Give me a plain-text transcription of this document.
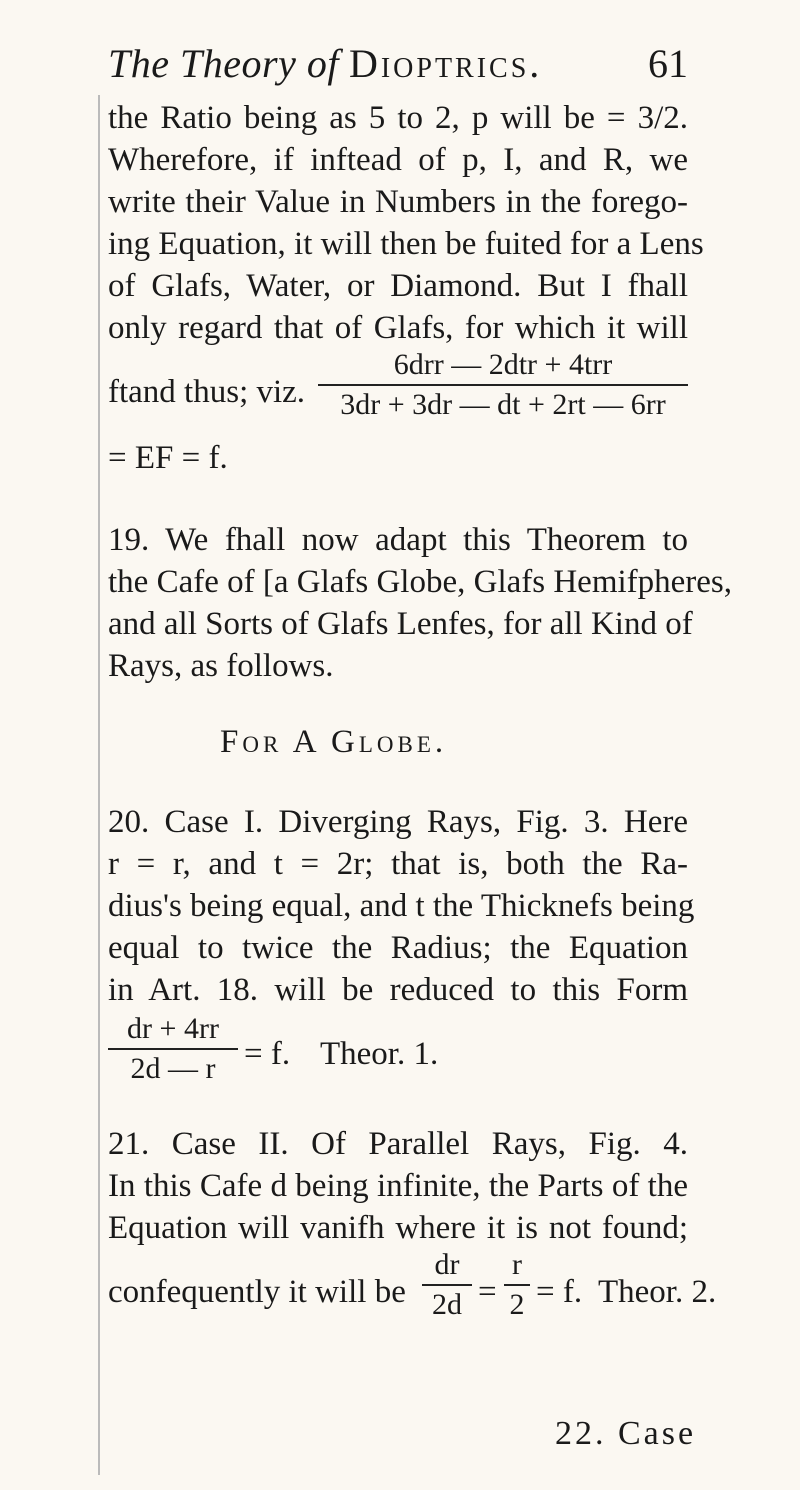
The Theory of Dioptrics.	61
the Ratio being as 5 to 2, p will be = 3/2.
Wherefore, if inftead of p, I, and R, we
write their Value in Numbers in the forego-
ing Equation, it will then be fuited for a Lens
of Glafs, Water, or Diamond. But I fhall
only regard that of Glafs, for which it will
ftand thus; viz.
6drr — 2dtr + 4trr
3dr + 3dr — dt + 2rt — 6rr
= EF = f.
19. We fhall now adapt this Theorem to
the Cafe of [a Glafs Globe, Glafs Hemifpheres,
and all Sorts of Glafs Lenfes, for all Kind of
Rays, as follows.
For A Globe.
20. Case I. Diverging Rays, Fig. 3. Here
r = r, and t = 2r; that is, both the Ra-
dius's being equal, and t the Thicknefs being
equal to twice the Radius; the Equation
in Art. 18. will be reduced to this Form
dr + 4rr
2d — r = f. Theor. 1.
21. Case II. Of Parallel Rays, Fig. 4.
In this Cafe d being infinite, the Parts of the
Equation will vanifh where it is not found;
confequently it will be
dr
2d =
r
2 = f. Theor. 2.
22. Case
